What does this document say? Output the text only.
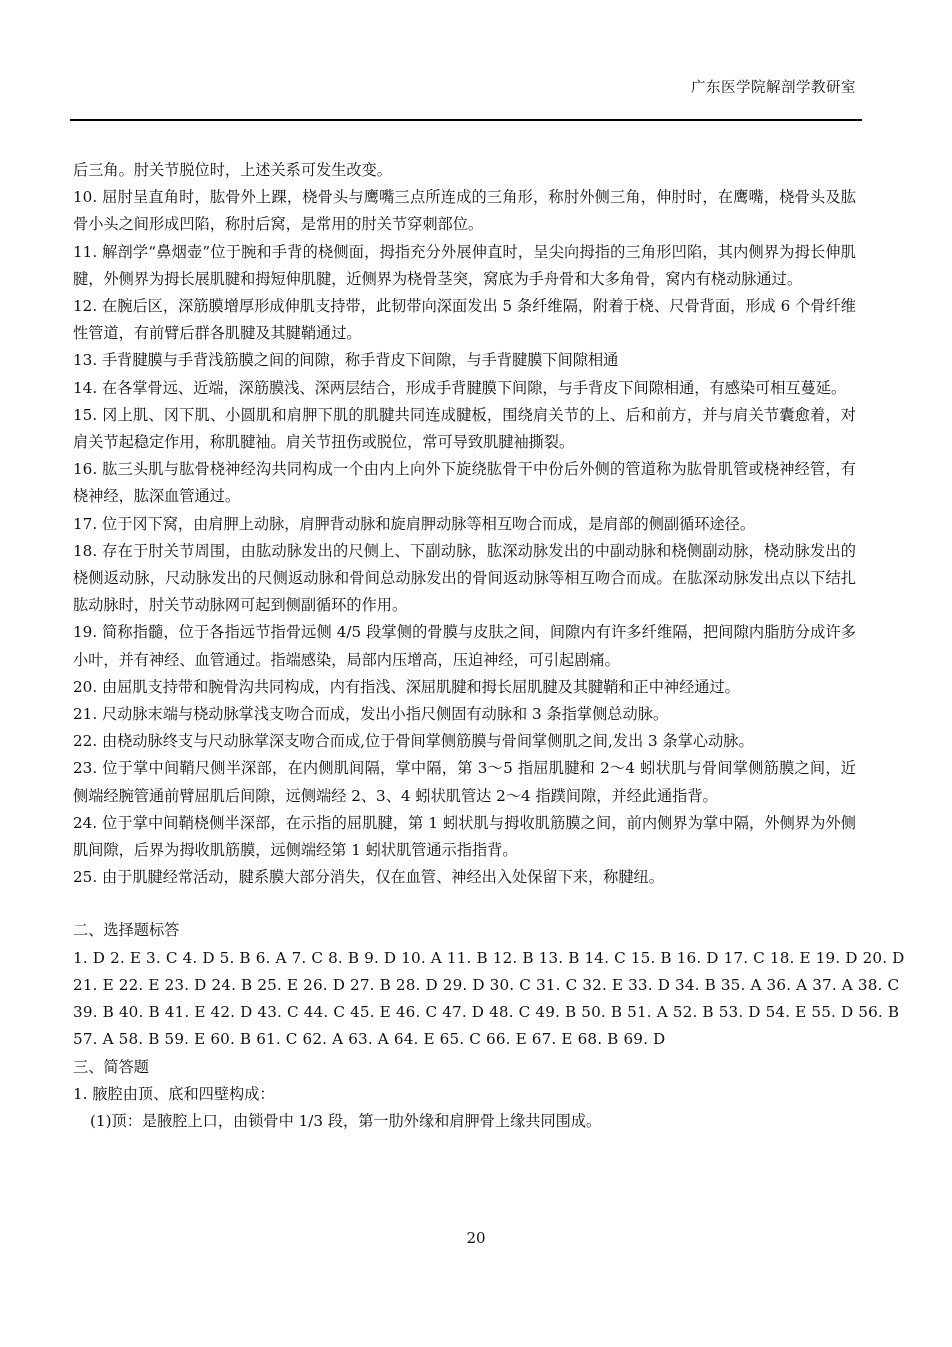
广东医学院解剖学教研室

后三角。肘关节脱位时，上述关系可发生改变。

10. 屈肘呈直角时，肱骨外上踝，桡骨头与鹰嘴三点所连成的三角形，称肘外侧三角，伸肘时，在鹰嘴，桡骨头及肱骨小头之间形成凹陷，称肘后窝，是常用的肘关节穿刺部位。

11. 解剖学“鼻烟壶”位于腕和手背的桡侧面，拇指充分外展伸直时，呈尖向拇指的三角形凹陷，其内侧界为拇长伸肌腱，外侧界为拇长展肌腱和拇短伸肌腱，近侧界为桡骨茎突，窝底为手舟骨和大多角骨，窝内有桡动脉通过。

12. 在腕后区，深筋膜增厚形成伸肌支持带，此韧带向深面发出 5 条纤维隔，附着于桡、尺骨背面，形成 6 个骨纤维性管道，有前臂后群各肌腱及其腱鞘通过。

13. 手背腱膜与手背浅筋膜之间的间隙，称手背皮下间隙，与手背腱膜下间隙相通

14. 在各掌骨远、近端，深筋膜浅、深两层结合，形成手背腱膜下间隙，与手背皮下间隙相通，有感染可相互蔓延。

15. 冈上肌、冈下肌、小圆肌和肩胛下肌的肌腱共同连成腱板，围绕肩关节的上、后和前方，并与肩关节囊愈着，对肩关节起稳定作用，称肌腱袖。肩关节扭伤或脱位，常可导致肌腱袖撕裂。

16. 肱三头肌与肱骨桡神经沟共同构成一个由内上向外下旋绕肱骨干中份后外侧的管道称为肱骨肌管或桡神经管，有桡神经，肱深血管通过。

17. 位于冈下窝，由肩胛上动脉，肩胛背动脉和旋肩胛动脉等相互吻合而成，是肩部的侧副循环途径。

18. 存在于肘关节周围，由肱动脉发出的尺侧上、下副动脉，肱深动脉发出的中副动脉和桡侧副动脉，桡动脉发出的桡侧返动脉，尺动脉发出的尺侧返动脉和骨间总动脉发出的骨间返动脉等相互吻合而成。在肱深动脉发出点以下结扎肱动脉时，肘关节动脉网可起到侧副循环的作用。

19. 简称指髓，位于各指远节指骨远侧 4/5 段掌侧的骨膜与皮肤之间，间隙内有许多纤维隔，把间隙内脂肪分成许多小叶，并有神经、血管通过。指端感染，局部内压增高，压迫神经，可引起剧痛。

20. 由屈肌支持带和腕骨沟共同构成，内有指浅、深屈肌腱和拇长屈肌腱及其腱鞘和正中神经通过。

21. 尺动脉末端与桡动脉掌浅支吻合而成，发出小指尺侧固有动脉和 3 条指掌侧总动脉。

22. 由桡动脉终支与尺动脉掌深支吻合而成,位于骨间掌侧筋膜与骨间掌侧肌之间,发出 3 条掌心动脉。

23. 位于掌中间鞘尺侧半深部，在内侧肌间隔，掌中隔，第 3～5 指屈肌腱和 2～4 蚓状肌与骨间掌侧筋膜之间，近侧端经腕管通前臂屈肌后间隙，远侧端经 2、3、4 蚓状肌管达 2～4 指蹼间隙，并经此通指背。

24. 位于掌中间鞘桡侧半深部，在示指的屈肌腱，第 1 蚓状肌与拇收肌筋膜之间，前内侧界为掌中隔，外侧界为外侧肌间隙，后界为拇收肌筋膜，远侧端经第 1 蚓状肌管通示指指背。

25. 由于肌腱经常活动，腱系膜大部分消失，仅在血管、神经出入处保留下来，称腱纽。

二、选择题标答

1. D 2. E 3. C 4. D 5. B 6. A 7. C 8. B 9. D 10. A 11. B 12. B 13. B 14. C 15. B 16. D 17. C 18. E 19. D 20. D

21. E 22. E 23. D 24. B 25. E 26. D 27. B 28. D 29. D 30. C 31. C 32. E 33. D 34. B 35. A 36. A 37. A 38. C

39. B 40. B 41. E 42. D 43. C 44. C 45. E 46. C 47. D 48. C 49. B 50. B 51. A 52. B 53. D 54. E 55. D 56. B

57. A 58. B 59. E 60. B 61. C 62. A 63. A 64. E 65. C 66. E 67. E 68. B 69. D

三、简答题

1. 腋腔由顶、底和四壁构成：

(1)顶：是腋腔上口，由锁骨中 1/3 段，第一肋外缘和肩胛骨上缘共同围成。

20
